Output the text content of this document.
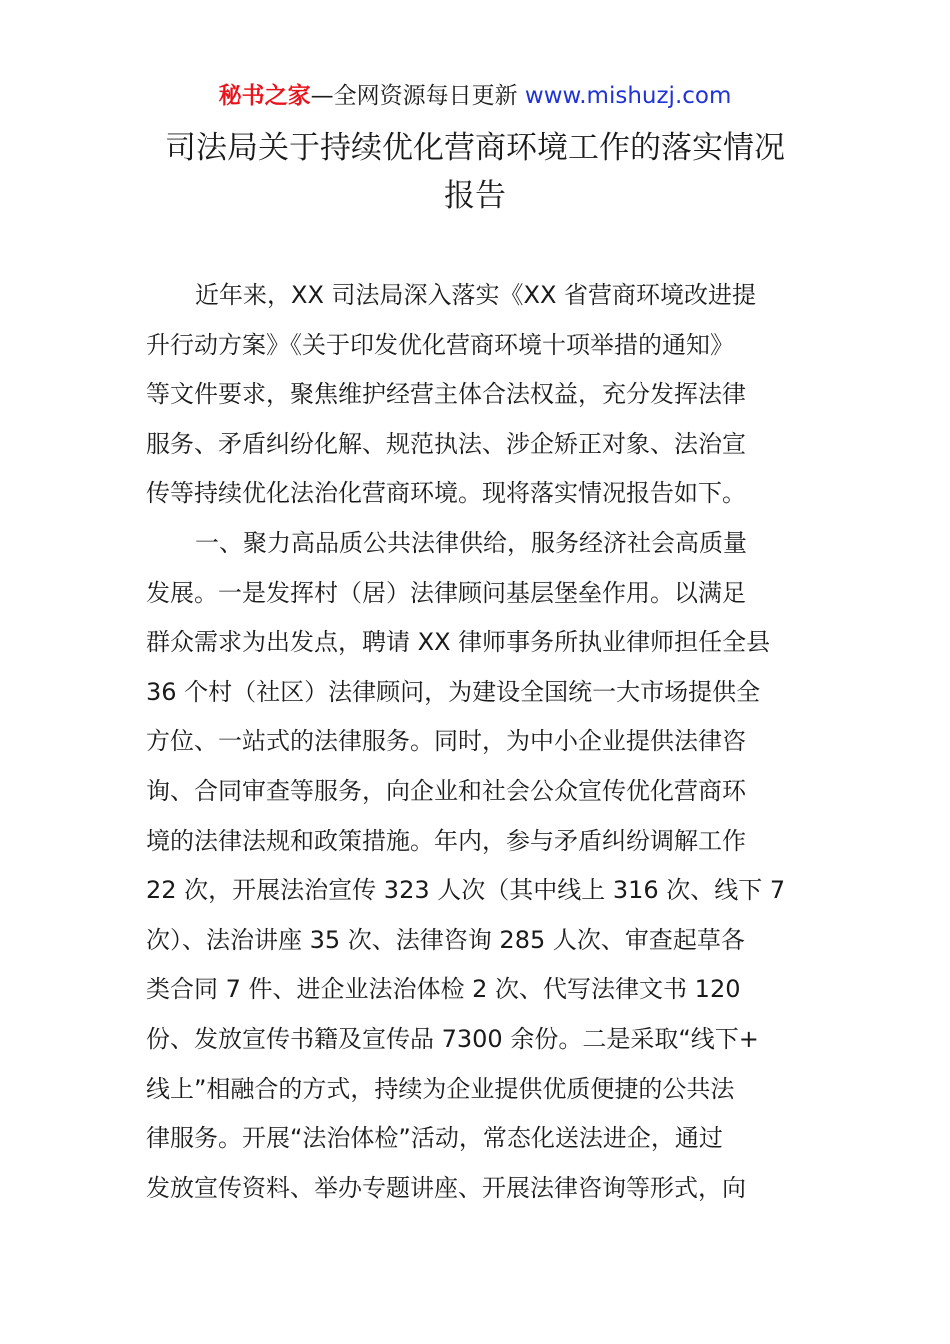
秘书之家—全网资源每日更新 www.mishuzj.com
司法局关于持续优化营商环境工作的落实情况
报告
近年来，XX 司法局深入落实《XX 省营商环境改进提
升行动方案》《关于印发优化营商环境十项举措的通知》
等文件要求，聚焦维护经营主体合法权益，充分发挥法律
服务、矛盾纠纷化解、规范执法、涉企矫正对象、法治宣
传等持续优化法治化营商环境。现将落实情况报告如下。
一、聚力高品质公共法律供给，服务经济社会高质量
发展。一是发挥村（居）法律顾问基层堡垒作用。以满足
群众需求为出发点，聘请 XX 律师事务所执业律师担任全县
36 个村（社区）法律顾问，为建设全国统一大市场提供全
方位、一站式的法律服务。同时，为中小企业提供法律咨
询、合同审查等服务，向企业和社会公众宣传优化营商环
境的法律法规和政策措施。年内，参与矛盾纠纷调解工作
22 次，开展法治宣传 323 人次（其中线上 316 次、线下 7
次）、法治讲座 35 次、法律咨询 285 人次、审查起草各
类合同 7 件、进企业法治体检 2 次、代写法律文书 120
份、发放宣传书籍及宣传品 7300 余份。二是采取“线下+
线上”相融合的方式，持续为企业提供优质便捷的公共法
律服务。开展“法治体检”活动，常态化送法进企，通过
发放宣传资料、举办专题讲座、开展法律咨询等形式，向
